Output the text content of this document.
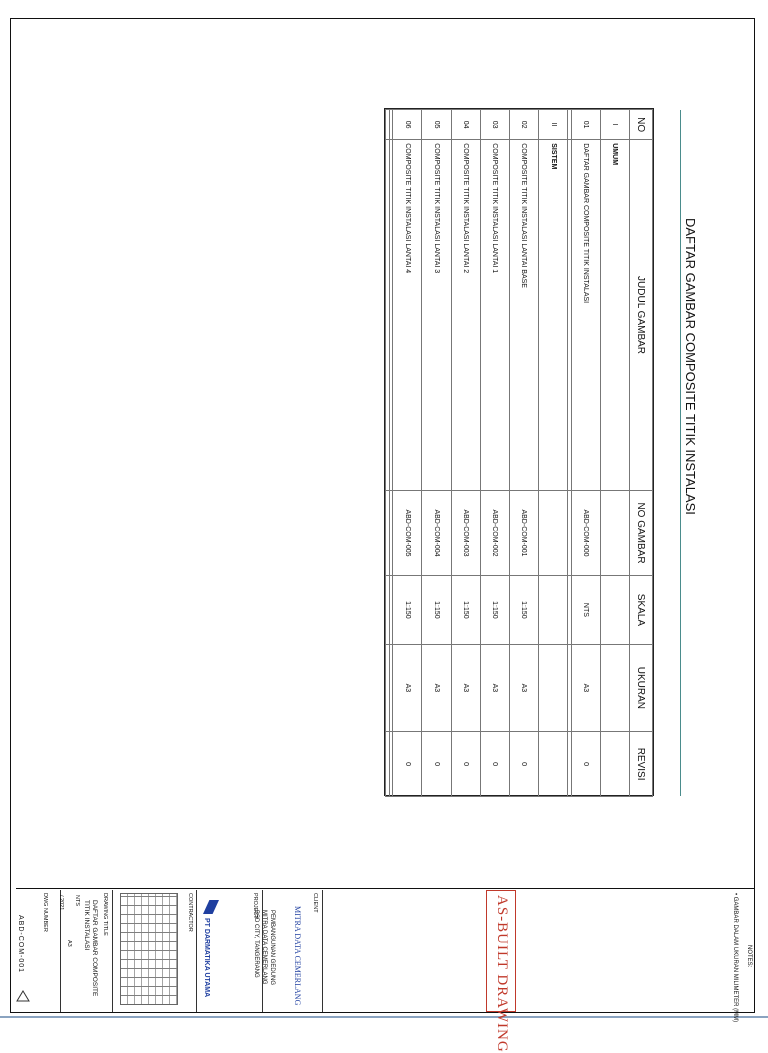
DAFTAR GAMBAR COMPOSITE TITIK INSTALASI
NO	JUDUL GAMBAR	NO GAMBAR	SKALA	UKURAN	REVISI
I	UMUM				
01	DAFTAR GAMBAR COMPOSITE TITIK INSTALASI	ABD-COM-000	NTS	A3	0

II	SISTEM				
02	COMPOSITE TITIK INSTALASI LANTAI BASE	ABD-COM-001	1:150	A3	0
03	COMPOSITE TITIK INSTALASI LANTAI 1	ABD-COM-002	1:150	A3	0
04	COMPOSITE TITIK INSTALASI LANTAI 2	ABD-COM-003	1:150	A3	0
05	COMPOSITE TITIK INSTALASI LANTAI 3	ABD-COM-004	1:150	A3	0
06	COMPOSITE TITIK INSTALASI LANTAI 4	ABD-COM-005	1:150	A3	0

NOTES:
• GAMBAR DALAM UKURAN MILIMETER (MM)
AS-BUILT DRAWING
CLIENT
MITRA DATA CEMERLANG
PROJECT
PEMBANGUNAN GEDUNG
MITRA DATA CEMERLANG
BSD CITY, TANGERANG
CONTRACTOR
PT DARMATIKA UTAMA
DRAWING TITLE
DAFTAR GAMBAR COMPOSITE
TITIK INSTALASI
NTS
A3
/ 2021
DWG NUMBER
ABD-COM-001
